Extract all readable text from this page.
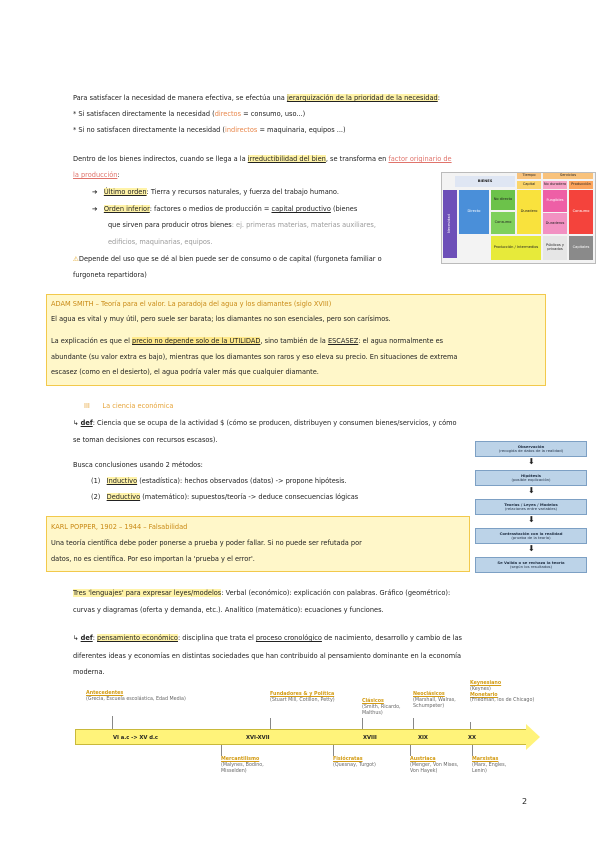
Para satisfacer la necesidad de manera efectiva, se efectúa una jerarquización de la prioridad de la necesidad:
* Si satisfacen directamente la necesidad (directos = consumo, uso...)
* Si no satisfacen directamente la necesidad (indirectos = maquinaria, equipos ...)
Dentro de los bienes indirectos, cuando se llega a la irreductibilidad del bien, se transforma en factor originario de
la producción:
➔ Último orden: Tierra y recursos naturales, y fuerza del trabajo humano.
➔ Orden inferior: factores o medios de producción = capital productivo (bienes
que sirven para producir otros bienes: ej. primeras materias, materias auxiliares,
edificios, maquinarias, equipos.
⚠Depende del uso que se dé al bien puede ser de consumo o de capital (furgoneta familiar o
furgoneta repartidora)
BIENES
Tiempo	Servicios
Necesidad
Directo
No directo
Consumo
Capital
Duradero
No duradero
Fungibles
Duraderos
Producción
Consumo
Capitales
Producción / Intermedios	Públicos y privados
ADAM SMITH – Teoría para el valor. La paradoja del agua y los diamantes (siglo XVIII)
El agua es vital y muy útil, pero suele ser barata; los diamantes no son esenciales, pero son carísimos.
La explicación es que el precio no depende solo de la UTILIDAD, sino también de la ESCASEZ: el agua normalmente es
abundante (su valor extra es bajo), mientras que los diamantes son raros y eso eleva su precio. En situaciones de extrema
escasez (como en el desierto), el agua podría valer más que cualquier diamante.
III La ciencia económica
↳ def: Ciencia que se ocupa de la actividad $ (cómo se producen, distribuyen y consumen bienes/servicios, y cómo
se toman decisiones con recursos escasos).
Busca conclusiones usando 2 métodos:
(1) Inductivo (estadística): hechos observados (datos) -> propone hipótesis.
(2) Deductivo (matemático): supuestos/teoría -> deduce consecuencias lógicas
KARL POPPER, 1902 – 1944 – Falsabilidad
Una teoría científica debe poder ponerse a prueba y poder fallar. Si no puede ser refutada por
datos, no es científica. Por eso importan la 'prueba y el error'.
Observación
(recogida de datos de la realidad)
⬇
Hipótesis
(posible explicación)
⬇
Teorías / Leyes / Modelos
(relaciones entre variables)
⬇
Contrastación con la realidad
(prueba de la teoría)
⬇
Se Valida o se rechaza la teoría
(según los resultados)
Tres 'lenguajes' para expresar leyes/modelos: Verbal (económico): explicación con palabras. Gráfico (geométrico):
curvas y diagramas (oferta y demanda, etc.). Analítico (matemático): ecuaciones y funciones.
↳ def: pensamiento económico: disciplina que trata el proceso cronológico de nacimiento, desarrollo y cambio de las
diferentes ideas y economías en distintas sociedades que han contribuido al pensamiento dominante en la economía
moderna.
VI a.c -> XV d.c	XVI-XVII	XVIII	XIX	XX
Antecedentes
(Grecia, Escuela escolástica, Edad Media)
Fundadores & y Política
(Stuart Mill, Cotillon, Petty)	Clásicos
(Smith, Ricardo, Malthus)
Neoclásicos
(Marshall, Walras, Schumpeter)
Keynesiano
(Keynes)
Monetario
(Friedman, los de Chicago)
Mercantilismo
(Malynes, Bodino, Misselden)
Fisiócratas
(Quesnay, Turgot)
Austriaca
(Menger, Von Mises, Von Hayek)
Marxistas
(Marx, Engles, Lenin)
2
